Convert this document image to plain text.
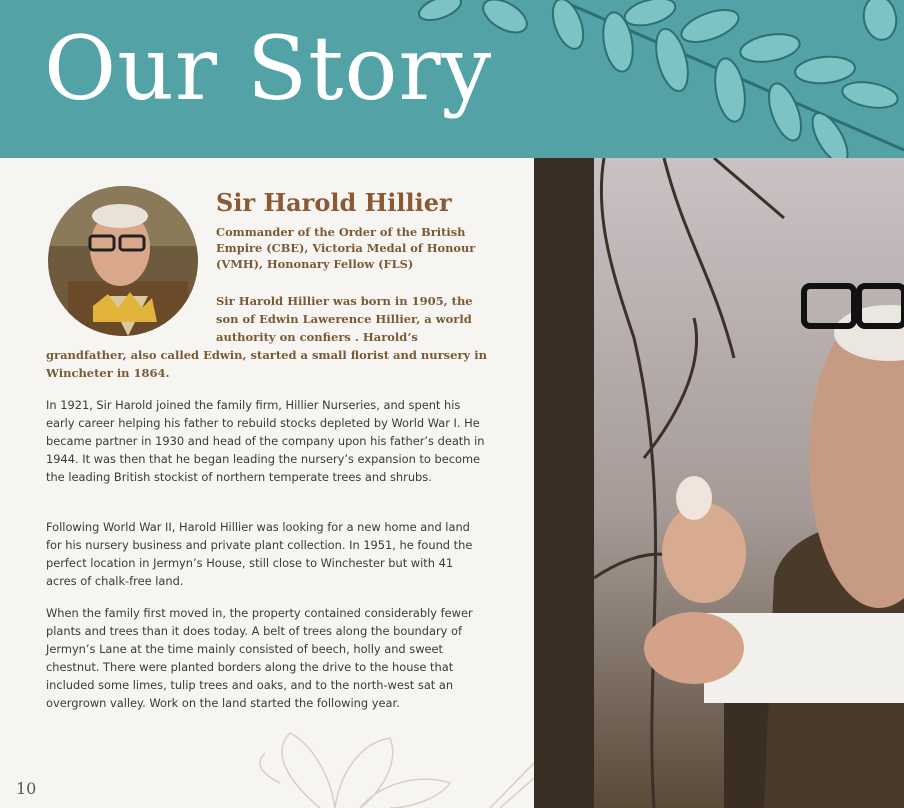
Our Story
Sir Harold Hillier

Commander of the Order of the British Empire (CBE), Victoria Medal of Honour (VMH), Hononary Fellow (FLS)

Sir Harold Hillier was born in 1905, the son of Edwin Lawerence Hillier, a world authority on confiers . Harold’s grandfather, also called Edwin, started a small florist and nursery in Wincheter in 1864.

In 1921, Sir Harold joined the family firm, Hillier Nurseries, and spent his early career helping his father to rebuild stocks depleted by World War I. He became partner in 1930 and head of the company upon his father’s death in 1944. It was then that he began leading the nursery’s expansion to become the leading British stockist of northern temperate trees and shrubs.

Following World War II, Harold Hillier was looking for a new home and land for his nursery business and private plant collection. In 1951, he found the perfect location in Jermyn’s House, still close to Winchester but with 41 acres of chalk-free land.

When the family first moved in, the property contained considerably fewer plants and trees than it does today. A belt of trees along the boundary of Jermyn’s Lane at the time mainly consisted of beech, holly and sweet chestnut. There were planted borders along the drive to the house that included some limes, tulip trees and oaks, and to the north-west sat an overgrown valley. Work on the land started the following year.

10
